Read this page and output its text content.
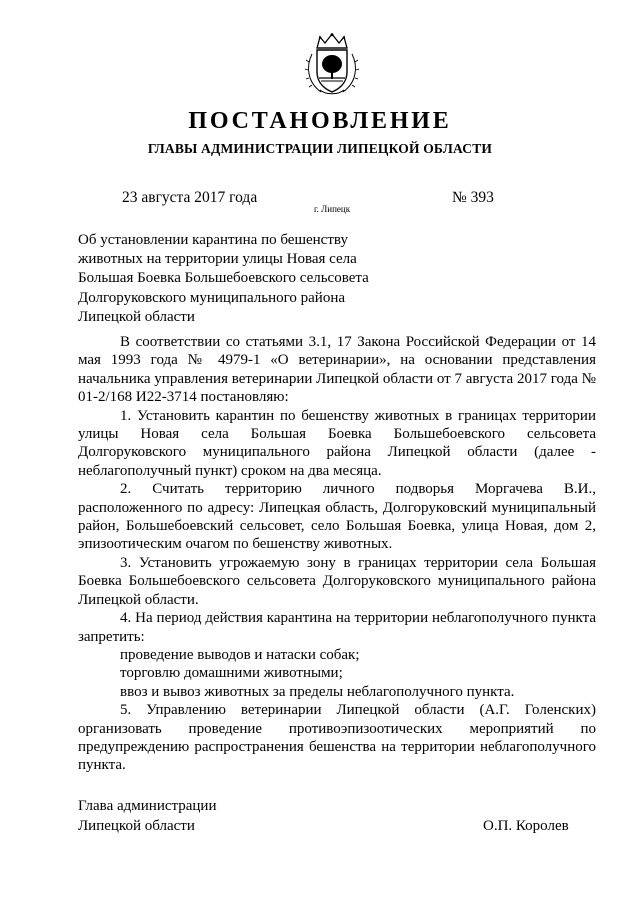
ПОСТАНОВЛЕНИЕ
ГЛАВЫ АДМИНИСТРАЦИИ ЛИПЕЦКОЙ ОБЛАСТИ
23 августа 2017 года
г. Липецк
№ 393
Об установлении карантина по бешенству
животных на территории улицы Новая села
Большая Боевка Большебоевского сельсовета
Долгоруковского муниципального района
Липецкой области

В соответствии со статьями 3.1, 17 Закона Российской Федерации от 14 мая 1993 года № 4979-1 «О ветеринарии», на основании представления начальника управления ветеринарии Липецкой области от 7 августа 2017 года № 01-2/168 И22-3714 постановляю:

1. Установить карантин по бешенству животных в границах территории улицы Новая села Большая Боевка Большебоевского сельсовета Долгоруковского муниципального района Липецкой области (далее - неблагополучный пункт) сроком на два месяца.

2. Считать территорию личного подворья Моргачева В.И., расположенного по адресу: Липецкая область, Долгоруковский муниципальный район, Большебоевский сельсовет, село Большая Боевка, улица Новая, дом 2, эпизоотическим очагом по бешенству животных.

3. Установить угрожаемую зону в границах территории села Большая Боевка Большебоевского сельсовета Долгоруковского муниципального района Липецкой области.

4. На период действия карантина на территории неблагополучного пункта запретить:

проведение выводов и натаски собак;

торговлю домашними животными;

ввоз и вывоз животных за пределы неблагополучного пункта.

5. Управлению ветеринарии Липецкой области (А.Г. Голенских) организовать проведение противоэпизоотических мероприятий по предупреждению распространения бешенства на территории неблагополучного пункта.

Глава администрации
Липецкой области	О.П. Королев
